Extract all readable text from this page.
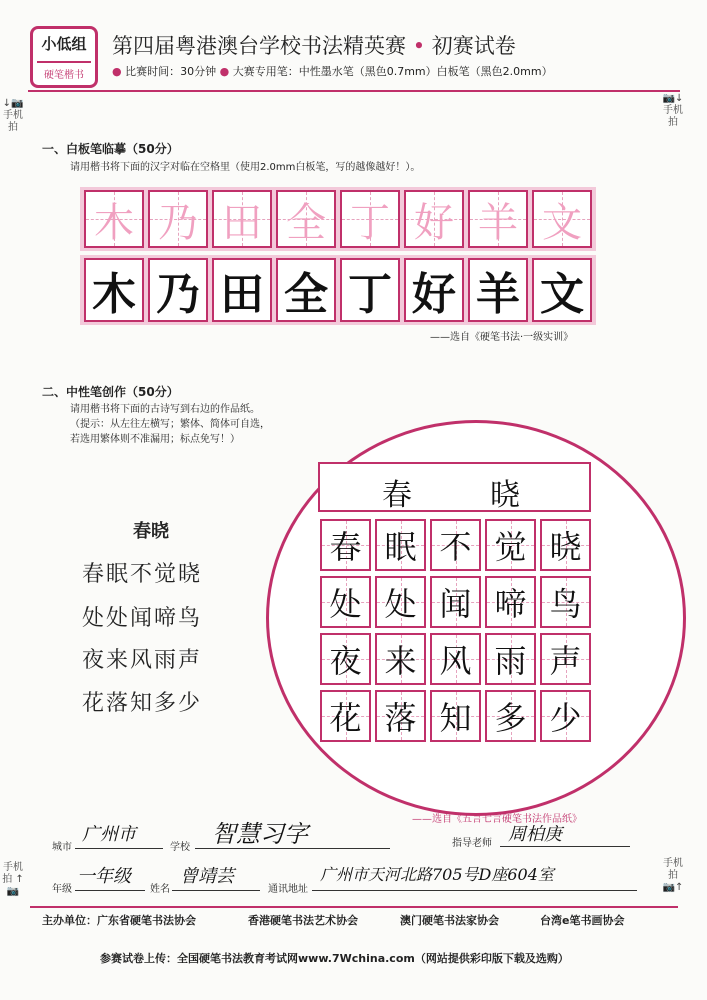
小低组
硬笔楷书
第四届粤港澳台学校书法精英赛 • 初赛试卷
● 比赛时间：30分钟 ● 大赛专用笔：中性墨水笔（黑色0.7mm）白板笔（黑色2.0mm）
↓📷 手机拍
📷↓ 手机拍
手机拍 ↑📷
手机拍 📷↑
一、白板笔临摹（50分）
请用楷书将下面的汉字对临在空格里（使用2.0mm白板笔，写的越像越好！）。
木 乃 田 全 丁 好 羊 文
木 乃 田 全 丁 好 羊 文
——选自《硬笔书法·一级实训》
二、中性笔创作（50分）
请用楷书将下面的古诗写到右边的作品纸。
（提示：从左往左横写；繁体、简体可自选，
若选用繁体则不准漏用；标点免写！）
春晓
春眠不觉晓
处处闻啼鸟
夜来风雨声
花落知多少
春	晓
春 眠 不 觉 晓
处 处 闻 啼 鸟
夜 来 风 雨 声
花 落 知 多 少
——选自《五言七言硬笔书法作品纸》
城市
广州市
学校 智慧习字	指导老师 周柏庚
年级
一年级
姓名
曾靖芸
通讯地址
广州市天河北路705号D座604室
主办单位：广东省硬笔书法协会	香港硬笔书法艺术协会	澳门硬笔书法家协会	台湾e笔书画协会
参赛试卷上传：全国硬笔书法教育考试网www.7Wchina.com（网站提供彩印版下载及选购）
